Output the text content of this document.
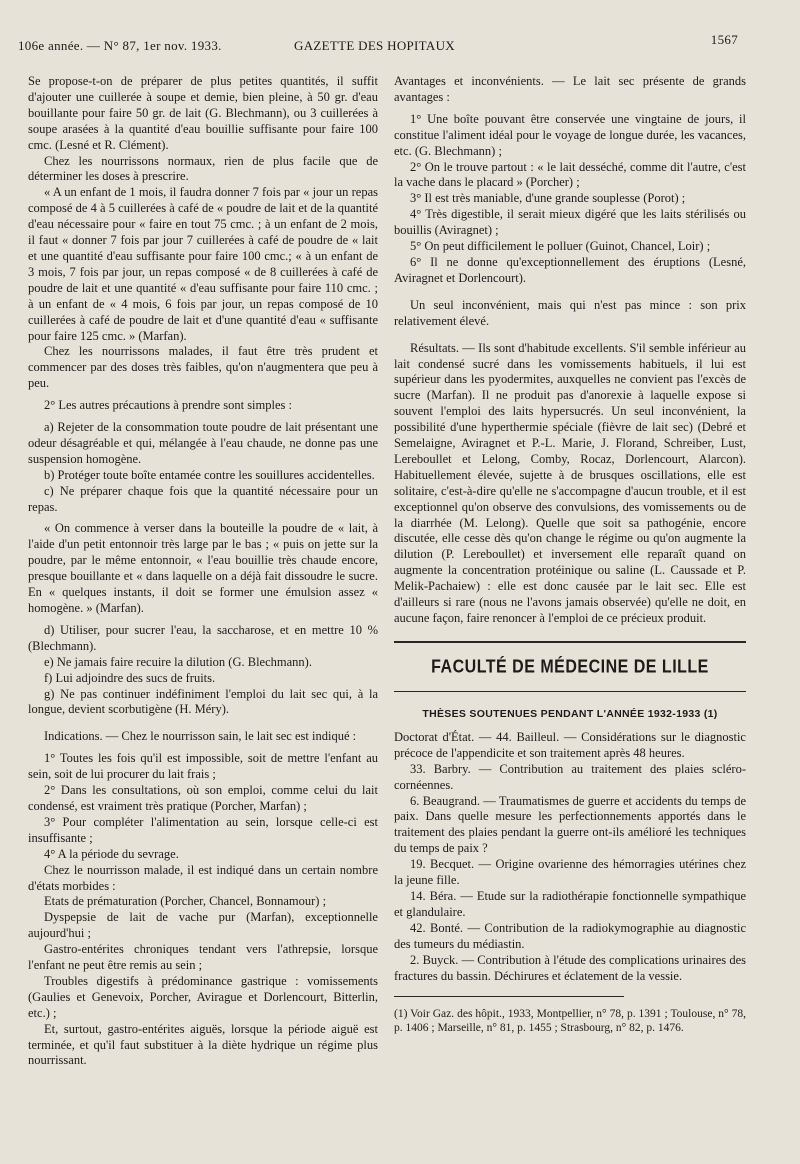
106e année. — N° 87, 1er nov. 1933.	GAZETTE DES HOPITAUX	1567

Se propose-t-on de préparer de plus petites quantités, il suffit d'ajouter une cuillerée à soupe et demie, bien pleine, à 50 gr. d'eau bouillante pour faire 50 gr. de lait (G. Blechmann), ou 3 cuillerées à soupe arasées à la quantité d'eau bouillie suffisante pour faire 100 cmc. (Lesné et R. Clément).

Chez les nourrissons normaux, rien de plus facile que de déterminer les doses à prescrire.

« A un enfant de 1 mois, il faudra donner 7 fois par « jour un repas composé de 4 à 5 cuillerées à café de « poudre de lait et de la quantité d'eau nécessaire pour « faire en tout 75 cmc. ; à un enfant de 2 mois, il faut « donner 7 fois par jour 7 cuillerées à café de poudre de « lait et une quantité d'eau suffisante pour faire 100 cmc.; « à un enfant de 3 mois, 7 fois par jour, un repas composé « de 8 cuillerées à café de poudre de lait et une quantité « d'eau suffisante pour faire 110 cmc. ; à un enfant de « 4 mois, 6 fois par jour, un repas composé de 10 cuillerées à café de poudre de lait et d'une quantité d'eau « suffisante pour faire 125 cmc. » (Marfan).

Chez les nourrissons malades, il faut être très prudent et commencer par des doses très faibles, qu'on n'augmentera que peu à peu.

2° Les autres précautions à prendre sont simples :

a) Rejeter de la consommation toute poudre de lait présentant une odeur désagréable et qui, mélangée à l'eau chaude, ne donne pas une suspension homogène.

b) Protéger toute boîte entamée contre les souillures accidentelles.

c) Ne préparer chaque fois que la quantité nécessaire pour un repas.

« On commence à verser dans la bouteille la poudre de « lait, à l'aide d'un petit entonnoir très large par le bas ; « puis on jette sur la poudre, par le même entonnoir, « l'eau bouillie très chaude encore, presque bouillante et « dans laquelle on a déjà fait dissoudre le sucre. En « quelques instants, il doit se former une émulsion assez « homogène. » (Marfan).

d) Utiliser, pour sucrer l'eau, la saccharose, et en mettre 10 % (Blechmann).

e) Ne jamais faire recuire la dilution (G. Blechmann).

f) Lui adjoindre des sucs de fruits.

g) Ne pas continuer indéfiniment l'emploi du lait sec qui, à la longue, devient scorbutigène (H. Méry).

Indications. — Chez le nourrisson sain, le lait sec est indiqué :

1° Toutes les fois qu'il est impossible, soit de mettre l'enfant au sein, soit de lui procurer du lait frais ;

2° Dans les consultations, où son emploi, comme celui du lait condensé, est vraiment très pratique (Porcher, Marfan) ;

3° Pour compléter l'alimentation au sein, lorsque celle-ci est insuffisante ;

4° A la période du sevrage.

Chez le nourrisson malade, il est indiqué dans un certain nombre d'états morbides :

Etats de prématuration (Porcher, Chancel, Bonnamour) ;

Dyspepsie de lait de vache pur (Marfan), exceptionnelle aujourd'hui ;

Gastro-entérites chroniques tendant vers l'athrepsie, lorsque l'enfant ne peut être remis au sein ;

Troubles digestifs à prédominance gastrique : vomissements (Gaulies et Genevoix, Porcher, Avirague et Dorlencourt, Bitterlin, etc.) ;

Et, surtout, gastro-entérites aiguës, lorsque la période aiguë est terminée, et qu'il faut substituer à la diète hydrique un régime plus nourrissant.

Avantages et inconvénients. — Le lait sec présente de grands avantages :

1° Une boîte pouvant être conservée une vingtaine de jours, il constitue l'aliment idéal pour le voyage de longue durée, les vacances, etc. (G. Blechmann) ;

2° On le trouve partout : « le lait desséché, comme dit l'autre, c'est la vache dans le placard » (Porcher) ;

3° Il est très maniable, d'une grande souplesse (Porot) ;

4° Très digestible, il serait mieux digéré que les laits stérilisés ou bouillis (Aviragnet) ;

5° On peut difficilement le polluer (Guinot, Chancel, Loir) ;

6° Il ne donne qu'exceptionnellement des éruptions (Lesné, Aviragnet et Dorlencourt).

Un seul inconvénient, mais qui n'est pas mince : son prix relativement élevé.

Résultats. — Ils sont d'habitude excellents. S'il semble inférieur au lait condensé sucré dans les vomissements habituels, il lui est supérieur dans les pyodermites, auxquelles ne convient pas l'excès de sucre (Marfan). Il ne produit pas d'anorexie à laquelle expose si souvent l'emploi des laits hypersucrés. Un seul inconvénient, la possibilité d'une hyperthermie spéciale (fièvre de lait sec) (Debré et Semelaigne, Aviragnet et P.-L. Marie, J. Florand, Schreiber, Lust, Lereboullet et Lelong, Comby, Rocaz, Dorlencourt, Alarcon). Habituellement élevée, sujette à de brusques oscillations, elle est solitaire, c'est-à-dire qu'elle ne s'accompagne d'aucun trouble, et il est exceptionnel qu'on observe des convulsions, des vomissements ou de la diarrhée (M. Lelong). Quelle que soit sa pathogénie, encore discutée, elle cesse dès qu'on change le régime ou qu'on augmente la dilution (P. Lereboullet) et inversement elle reparaît quand on augmente la concentration protéinique ou saline (L. Caussade et P. Melik-Pachaiew) : elle est donc causée par le lait sec. Elle est d'ailleurs si rare (nous ne l'avons jamais observée) qu'elle ne doit, en aucune façon, faire renoncer à l'emploi de ce précieux produit.

FACULTÉ DE MÉDECINE DE LILLE
THÈSES SOUTENUES PENDANT L'ANNÉE 1932-1933 (1)

Doctorat d'État. — 44. Bailleul. — Considérations sur le diagnostic précoce de l'appendicite et son traitement après 48 heures.

33. Barbry. — Contribution au traitement des plaies scléro-cornéennes.

6. Beaugrand. — Traumatismes de guerre et accidents du temps de paix. Dans quelle mesure les perfectionnements apportés dans le traitement des plaies pendant la guerre ont-ils amélioré les techniques du temps de paix ?

19. Becquet. — Origine ovarienne des hémorragies utérines chez la jeune fille.

14. Béra. — Etude sur la radiothérapie fonctionnelle sympathique et glandulaire.

42. Bonté. — Contribution de la radiokymographie au diagnostic des tumeurs du médiastin.

2. Buyck. — Contribution à l'étude des complications urinaires des fractures du bassin. Déchirures et éclatement de la vessie.

(1) Voir Gaz. des hôpit., 1933, Montpellier, n° 78, p. 1391 ; Toulouse, n° 78, p. 1406 ; Marseille, n° 81, p. 1455 ; Strasbourg, n° 82, p. 1476.
